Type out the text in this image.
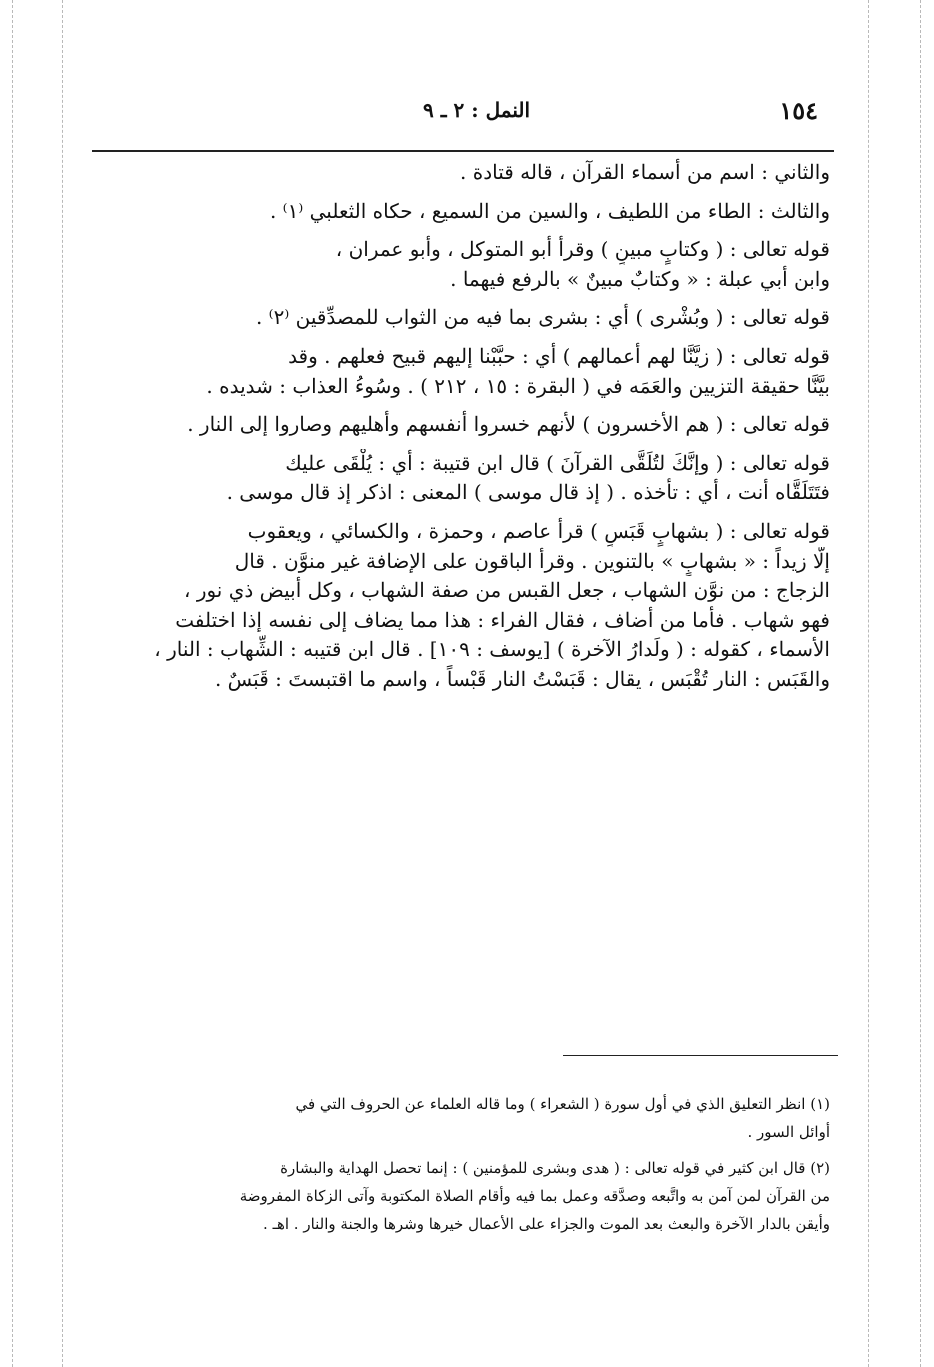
١٥٤
النمل : ٢ ـ ٩
والثاني : اسم من أسماء القرآن ، قاله قتادة .
والثالث : الطاء من اللطيف ، والسين من السميع ، حكاه الثعلبي ⁽١⁾ .
قوله تعالى : ( وكتابٍ مبينٍ ) وقرأ أبو المتوكل ، وأبو عمران ،
وابن أبي عبلة : « وكتابٌ مبينٌ » بالرفع فيهما .
قوله تعالى : ( وبُشْرى ) أي : بشرى بما فيه من الثواب للمصدِّقين ⁽٢⁾ .
قوله تعالى : ( زيَّنَّا لهم أعمالهم ) أي : حبَّبْنا إليهم قبيح فعلهم . وقد
بيَّنَّا حقيقة التزيين والعَمَه في ( البقرة : ١٥ ، ٢١٢ ) . وسُوءُ العذاب : شديده .
قوله تعالى : ( هم الأخسرون ) لأنهم خسروا أنفسهم وأهليهم وصاروا إلى النار .
قوله تعالى : ( وإنَّكَ لتُلَقَّى القرآنَ ) قال ابن قتيبة : أي : يُلْقَى عليك
فتَتَلَقَّاه أنت ، أي : تأخذه . ( إذ قال موسى ) المعنى : اذكر إذ قال موسى .
قوله تعالى : ( بشهابٍ قَبَسٍ ) قرأ عاصم ، وحمزة ، والكسائي ، ويعقوب
إلَّا زيداً : « بشهابٍ » بالتنوين . وقرأ الباقون على الإضافة غير منوَّن . قال
الزجاج : من نوَّن الشهاب ، جعل القبس من صفة الشهاب ، وكل أبيض ذي نور ،
فهو شهاب . فأما من أضاف ، فقال الفراء : هذا مما يضاف إلى نفسه إذا اختلفت
الأسماء ، كقوله : ( ولَدارُ الآخرة ) [يوسف : ١٠٩] . قال ابن قتيبه : الشِّهاب : النار ،
والقَبَس : النار تُقْبَس ، يقال : قَبَسْتُ النار قَبْساً ، واسم ما اقتبستَ : قَبَسٌ .
(١) انظر التعليق الذي في أول سورة ( الشعراء ) وما قاله العلماء عن الحروف التي في
أوائل السور .
(٢) قال ابن كثير في قوله تعالى : ( هدى وبشرى للمؤمنين ) : إنما تحصل الهداية والبشارة
من القرآن لمن آمن به واتَّبعه وصدَّقه وعمل بما فيه وأقام الصلاة المكتوبة وآتى الزكاة المفروضة
وأيقن بالدار الآخرة والبعث بعد الموت والجزاء على الأعمال خيرها وشرها والجنة والنار . اهـ .
